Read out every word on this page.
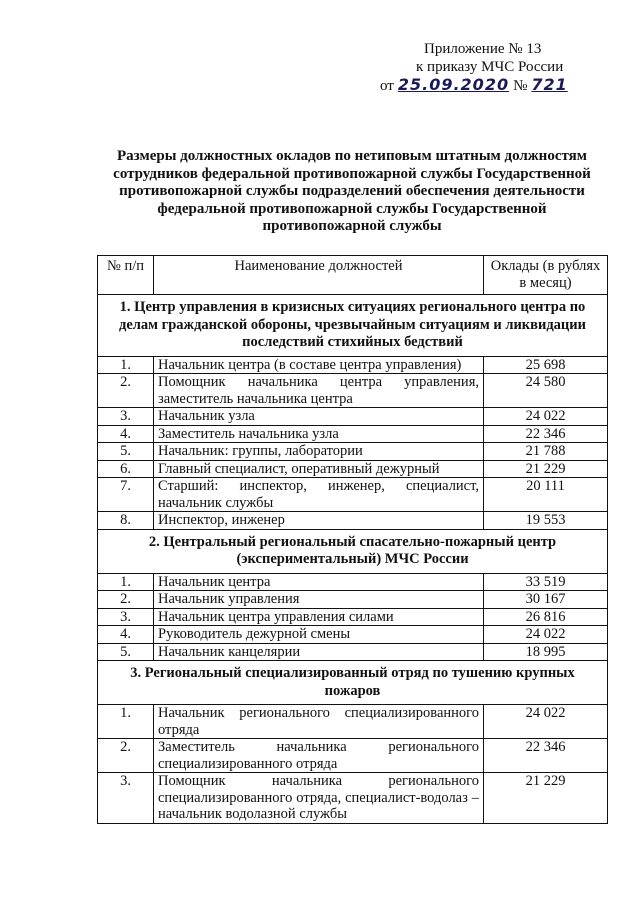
Приложение № 13
к приказу МЧС России
от 25.09.2020 № 721
Размеры должностных окладов по нетиповым штатным должностям сотрудников федеральной противопожарной службы Государственной противопожарной службы подразделений обеспечения деятельности федеральной противопожарной службы Государственной противопожарной службы
№ п/п	Наименование должностей	Оклады (в рублях в месяц)
1. Центр управления в кризисных ситуациях регионального центра по делам гражданской обороны, чрезвычайным ситуациям и ликвидации последствий стихийных бедствий		
1.	Начальник центра (в составе центра управления)	25 698
2.	Помощник начальника центра управления, заместитель начальника центра	24 580
3.	Начальник узла	24 022
4.	Заместитель начальника узла	22 346
5.	Начальник: группы, лаборатории	21 788
6.	Главный специалист, оперативный дежурный	21 229
7.	Старший: инспектор, инженер, специалист, начальник службы	20 111
8.	Инспектор, инженер	19 553
2. Центральный региональный спасательно-пожарный центр (экспериментальный) МЧС России		
1.	Начальник центра	33 519
2.	Начальник управления	30 167
3.	Начальник центра управления силами	26 816
4.	Руководитель дежурной смены	24 022
5.	Начальник канцелярии	18 995
3. Региональный специализированный отряд по тушению крупных пожаров		
1.	Начальник регионального специализированного отряда	24 022
2.	Заместитель начальника регионального специализированного отряда	22 346
3.	Помощник начальника регионального специализированного отряда, специалист-водолаз – начальник водолазной службы	21 229
